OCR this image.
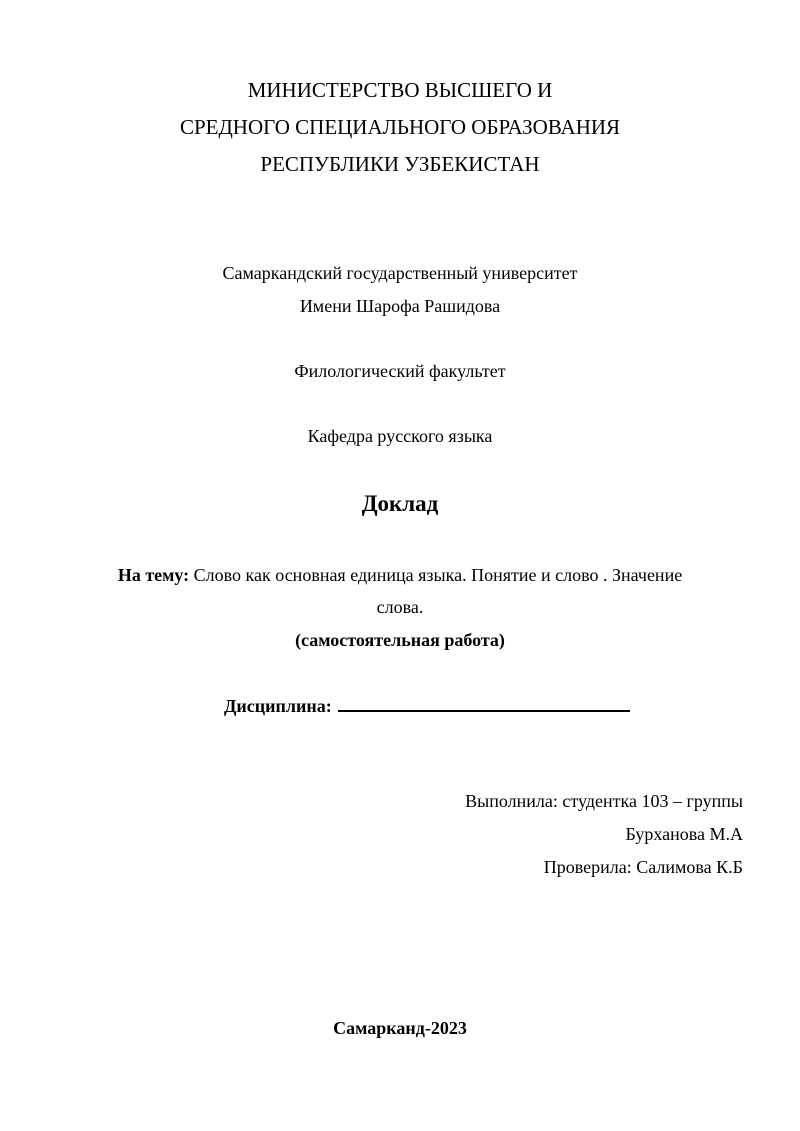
МИНИСТЕРСТВО ВЫСШЕГО И
СРЕДНОГО СПЕЦИАЛЬНОГО ОБРАЗОВАНИЯ
РЕСПУБЛИКИ УЗБЕКИСТАН
Самаркандский государственный университет
Имени Шарофа Рашидова
Филологический факультет
Кафедра русского языка
Доклад
На тему: Слово как основная единица языка. Понятие и слово . Значение
слова.
(самостоятельная работа)
Дисциплина:
Выполнила: студентка 103 – группы
Бурханова М.А
Проверила: Салимова К.Б
Самарканд-2023
